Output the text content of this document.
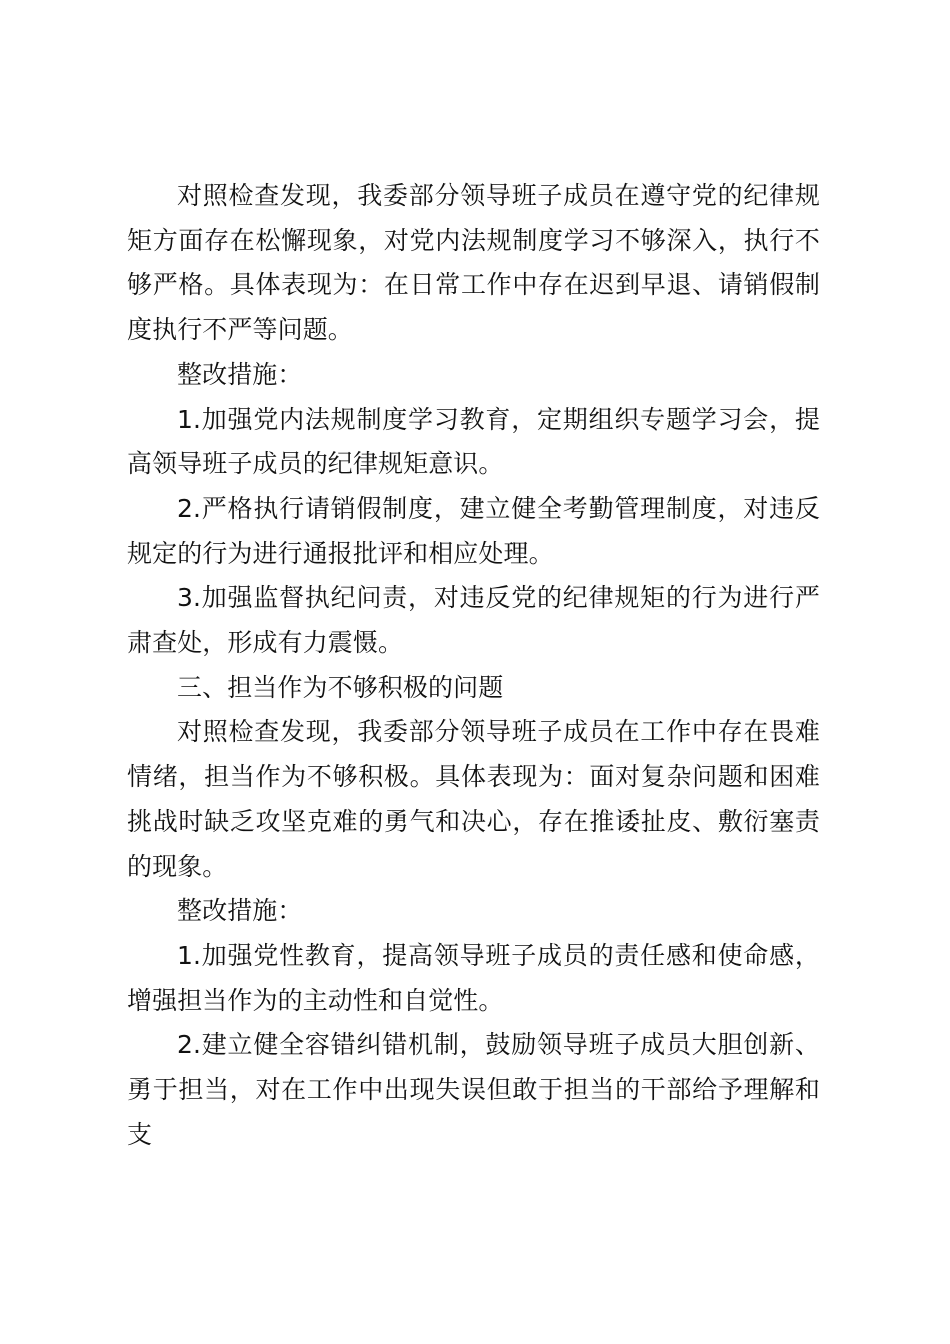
对照检查发现，我委部分领导班子成员在遵守党的纪律规矩方面存在松懈现象，对党内法规制度学习不够深入，执行不够严格。具体表现为：在日常工作中存在迟到早退、请销假制度执行不严等问题。

整改措施：

1.加强党内法规制度学习教育，定期组织专题学习会，提高领导班子成员的纪律规矩意识。

2.严格执行请销假制度，建立健全考勤管理制度，对违反规定的行为进行通报批评和相应处理。

3.加强监督执纪问责，对违反党的纪律规矩的行为进行严肃查处，形成有力震慑。

三、担当作为不够积极的问题

对照检查发现，我委部分领导班子成员在工作中存在畏难情绪，担当作为不够积极。具体表现为：面对复杂问题和困难挑战时缺乏攻坚克难的勇气和决心，存在推诿扯皮、敷衍塞责的现象。

整改措施：

1.加强党性教育，提高领导班子成员的责任感和使命感，增强担当作为的主动性和自觉性。

2.建立健全容错纠错机制，鼓励领导班子成员大胆创新、勇于担当，对在工作中出现失误但敢于担当的干部给予理解和支
